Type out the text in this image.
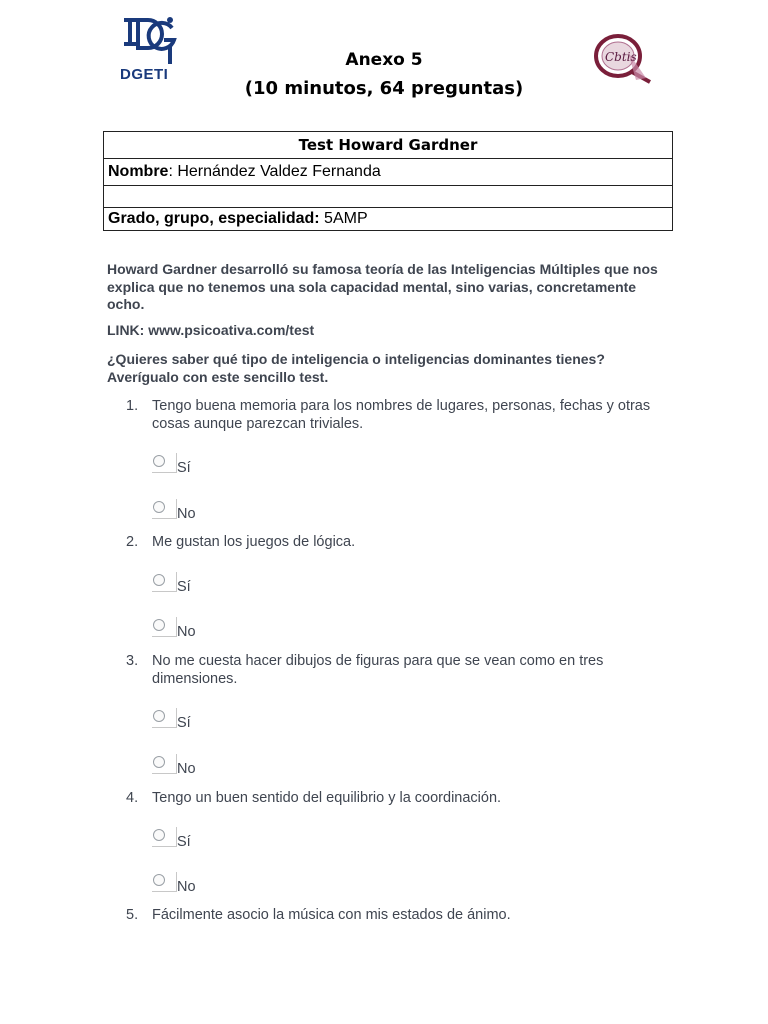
DGETI
Anexo 5
(10 minutos, 64 preguntas)
Cbtis
Test Howard Gardner
Nombre: Hernández Valdez Fernanda

Grado, grupo, especialidad: 5AMP
Howard Gardner desarrolló su famosa teoría de las Inteligencias Múltiples que nos explica que no tenemos una sola capacidad mental, sino varias, concretamente ocho.
LINK: www.psicoativa.com/test
¿Quieres saber qué tipo de inteligencia o inteligencias dominantes tienes? Averígualo con este sencillo test.
1. Tengo buena memoria para los nombres de lugares, personas, fechas y otras cosas aunque parezcan triviales.
Sí
No
2. Me gustan los juegos de lógica.
Sí
No
3. No me cuesta hacer dibujos de figuras para que se vean como en tres dimensiones.
Sí
No
4. Tengo un buen sentido del equilibrio y la coordinación.
Sí
No
5. Fácilmente asocio la música con mis estados de ánimo.
